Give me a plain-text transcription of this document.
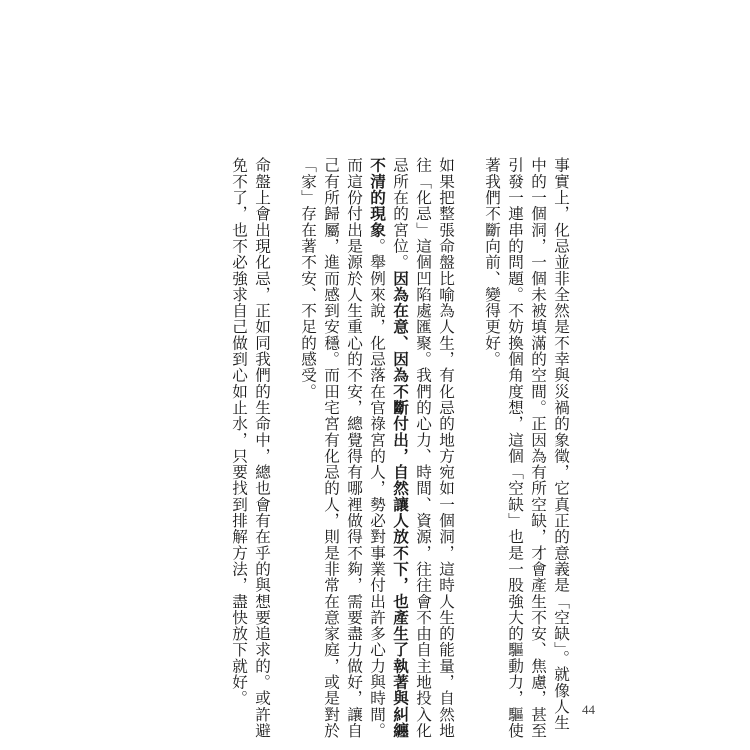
事實上，化忌並非全然是不幸與災禍的象徵，它真正的意義是「空缺」。就像人生
中的一個洞，一個未被填滿的空間。正因為有所空缺，才會產生不安、焦慮，甚至
引發一連串的問題。不妨換個角度想，這個「空缺」也是一股強大的驅動力，驅使
著我們不斷向前、變得更好。
如果把整張命盤比喻為人生，有化忌的地方宛如一個洞，這時人生的能量，自然地
往「化忌」這個凹陷處匯聚。我們的心力、時間、資源，往往會不由自主地投入化
忌所在的宮位。因為在意、因為不斷付出，自然讓人放不下，也產生了執著與糾纏
不清的現象。舉例來說，化忌落在官祿宮的人，勢必對事業付出許多心力與時間。
而這份付出是源於人生重心的不安，總覺得有哪裡做得不夠，需要盡力做好，讓自
己有所歸屬，進而感到安穩。而田宅宮有化忌的人，則是非常在意家庭，或是對於
「家」存在著不安、不足的感受。
命盤上會出現化忌，正如同我們的生命中，總也會有在乎的與想要追求的。或許避
免不了，也不必強求自己做到心如止水，只要找到排解方法，盡快放下就好。
44
